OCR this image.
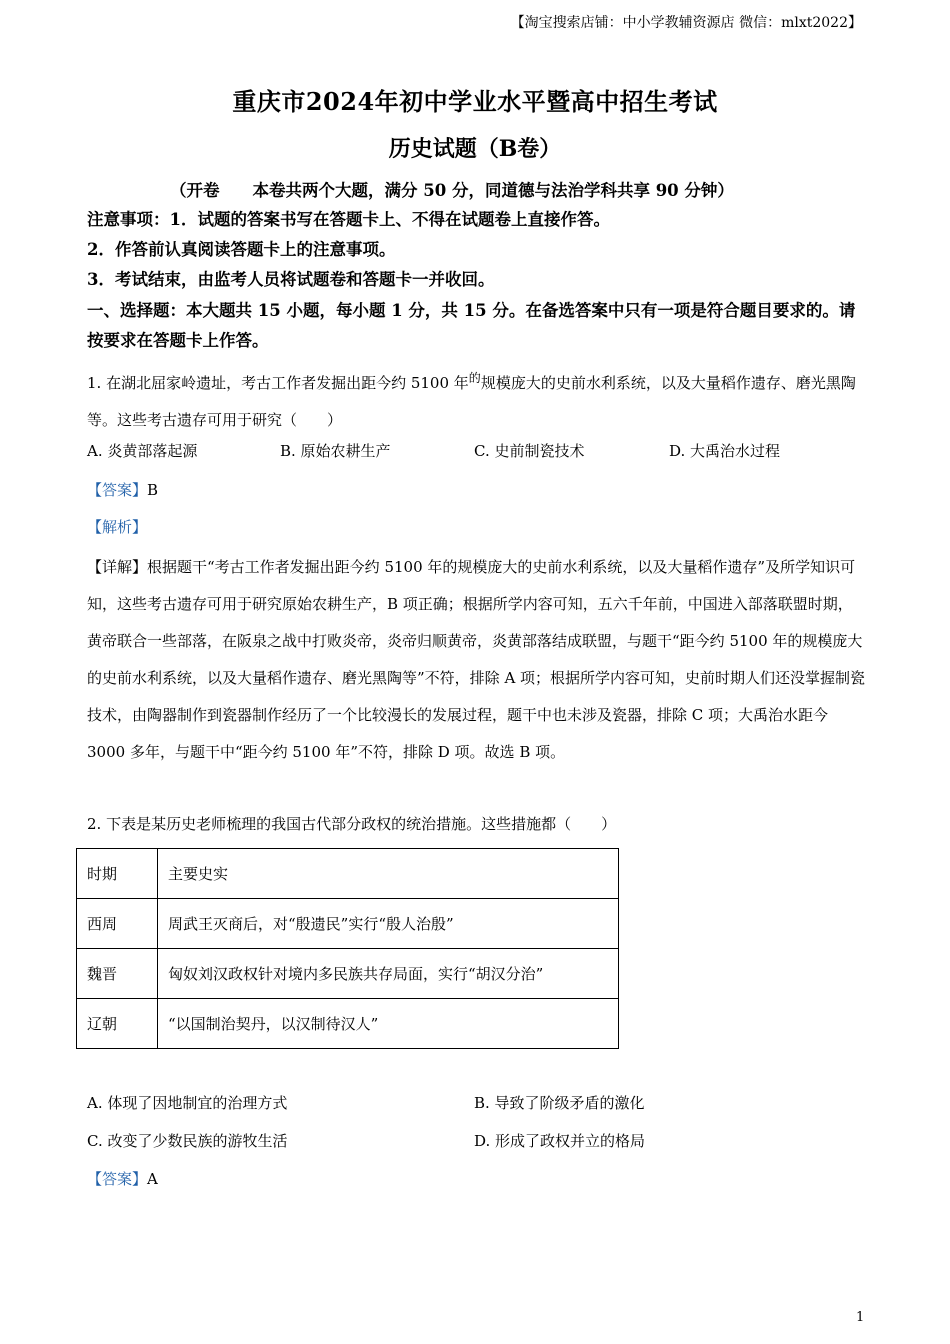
【淘宝搜索店铺：中小学教辅资源店 微信：mlxt2022】
重庆市2024年初中学业水平暨高中招生考试
历史试题（B卷）
（开卷　　本卷共两个大题，满分 50 分，同道德与法治学科共享 90 分钟）
注意事项：1．试题的答案书写在答题卡上、不得在试题卷上直接作答。
2．作答前认真阅读答题卡上的注意事项。
3．考试结束，由监考人员将试题卷和答题卡一并收回。
一、选择题：本大题共 15 小题，每小题 1 分，共 15 分。在备选答案中只有一项是符合题目要求的。请按要求在答题卡上作答。
1. 在湖北屈家岭遗址，考古工作者发掘出距今约 5100 年$^的$规模庞大的史前水利系统，以及大量稻作遗存、磨光黑陶等。这些考古遗存可用于研究（　　）
A. 炎黄部落起源	B. 原始农耕生产	C. 史前制瓷技术	D. 大禹治水过程
【答案】B
【解析】
【详解】根据题干“考古工作者发掘出距今约 5100 年的规模庞大的史前水利系统，以及大量稻作遗存”及所学知识可知，这些考古遗存可用于研究原始农耕生产，B 项正确；根据所学内容可知，五六千年前，中国进入部落联盟时期，黄帝联合一些部落，在阪泉之战中打败炎帝，炎帝归顺黄帝，炎黄部落结成联盟，与题干“距今约 5100 年的规模庞大的史前水利系统，以及大量稻作遗存、磨光黑陶等”不符，排除 A 项；根据所学内容可知，史前时期人们还没掌握制瓷技术，由陶器制作到瓷器制作经历了一个比较漫长的发展过程，题干中也未涉及瓷器，排除 C 项；大禹治水距今 3000 多年，与题干中“距今约 5100 年”不符，排除 D 项。故选 B 项。
2. 下表是某历史老师梳理的我国古代部分政权的统治措施。这些措施都（　　）
时期	主要史实
西周	周武王灭商后，对“殷遗民”实行“殷人治殷”
魏晋	匈奴刘汉政权针对境内多民族共存局面，实行“胡汉分治”
辽朝	“以国制治契丹，以汉制待汉人”
A. 体现了因地制宜的治理方式	B. 导致了阶级矛盾的激化
C. 改变了少数民族的游牧生活	D. 形成了政权并立的格局
【答案】A
1
